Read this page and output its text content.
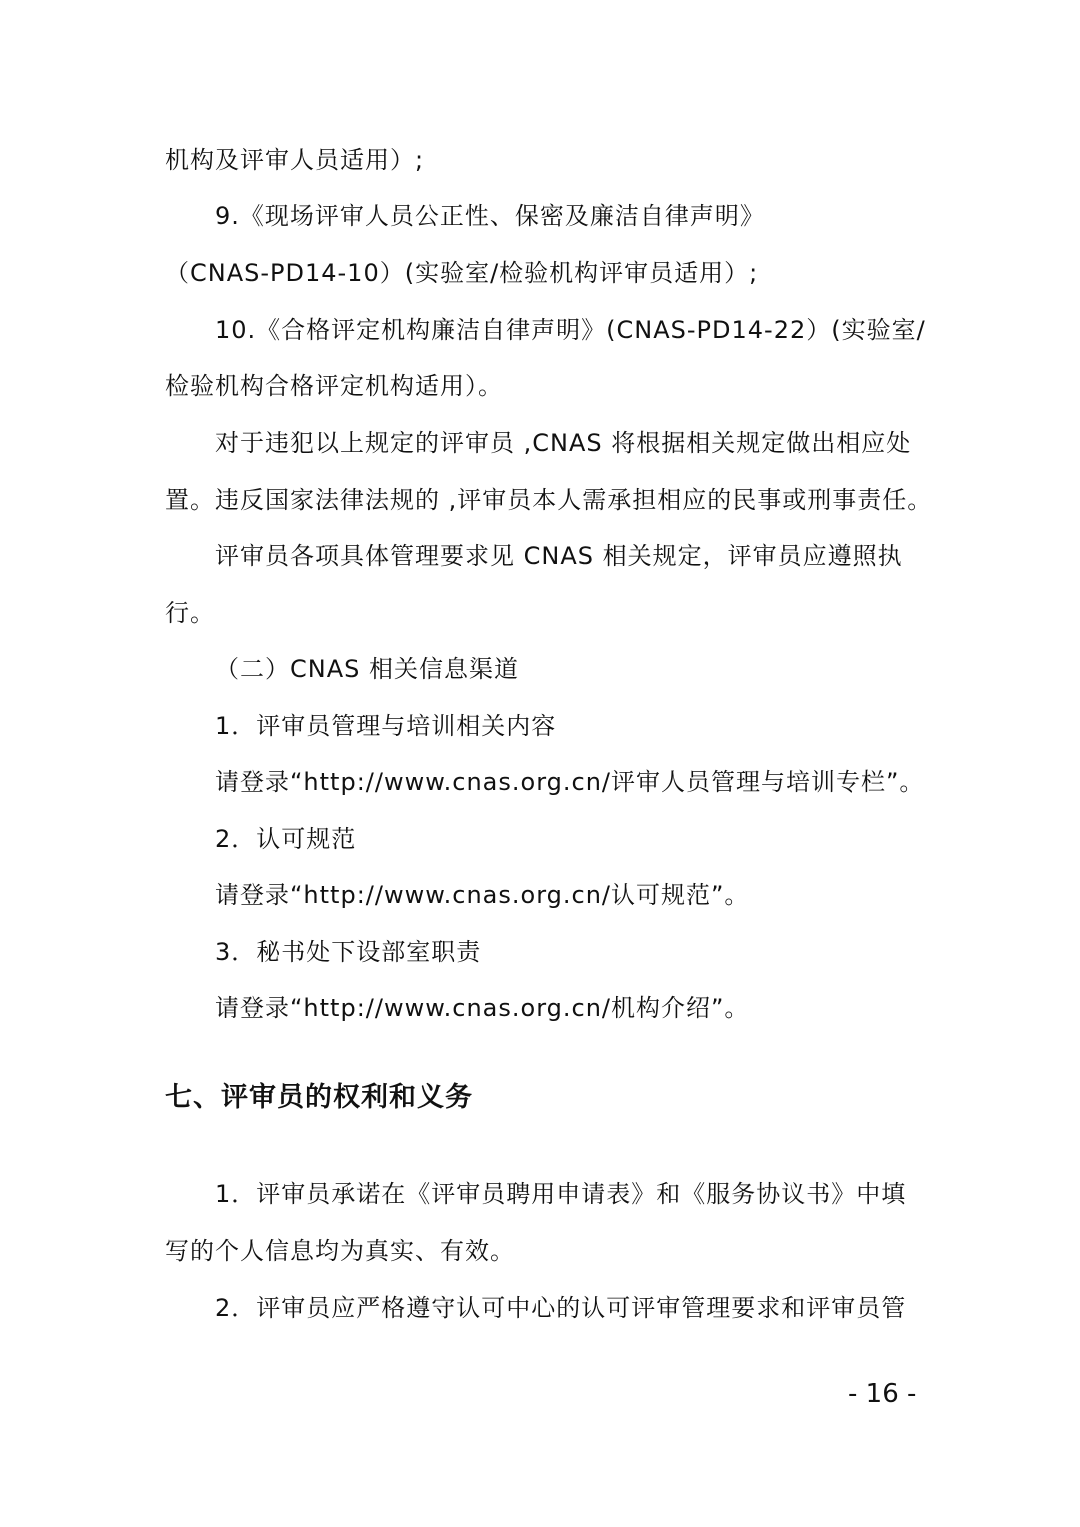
机构及评审人员适用）;
9.《现场评审人员公正性、保密及廉洁自律声明》
（CNAS-PD14-10）(实验室/检验机构评审员适用）;
10.《合格评定机构廉洁自律声明》(CNAS-PD14-22）(实验室/
检验机构合格评定机构适用）。
对于违犯以上规定的评审员 ,CNAS 将根据相关规定做出相应处
置。违反国家法律法规的 ,评审员本人需承担相应的民事或刑事责任。
评审员各项具体管理要求见 CNAS 相关规定，评审员应遵照执
行。
（二）CNAS 相关信息渠道
1．评审员管理与培训相关内容
请登录“http://www.cnas.org.cn/评审人员管理与培训专栏”。
2．认可规范
请登录“http://www.cnas.org.cn/认可规范”。
3．秘书处下设部室职责
请登录“http://www.cnas.org.cn/机构介绍”。
七、评审员的权利和义务
1．评审员承诺在《评审员聘用申请表》和《服务协议书》中填
写的个人信息均为真实、有效。
2．评审员应严格遵守认可中心的认可评审管理要求和评审员管
- 16 -
